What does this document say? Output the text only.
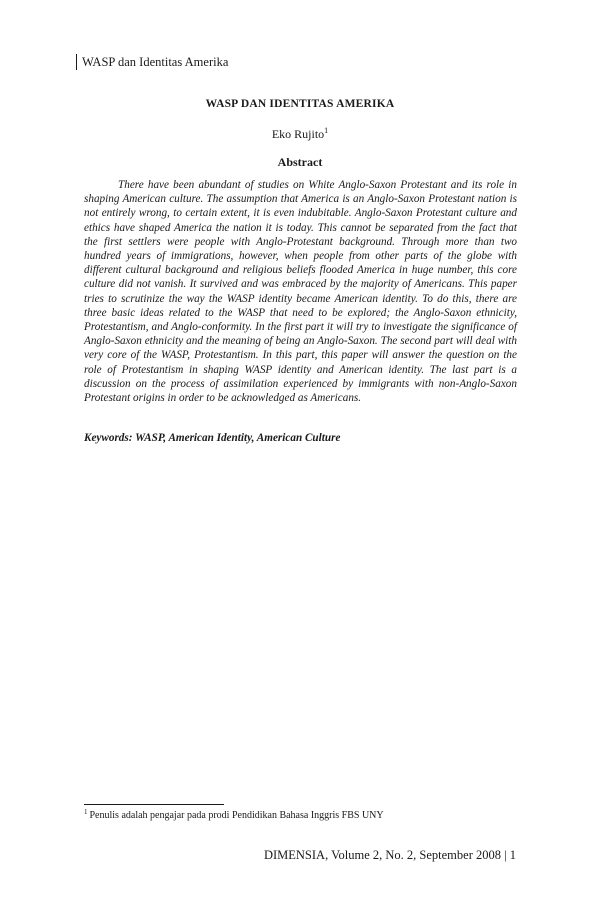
WASP dan Identitas Amerika
WASP DAN IDENTITAS AMERIKA
Eko Rujito$^1$
Abstract

There have been abundant of studies on White Anglo-Saxon Protestant and its role in shaping American culture. The assumption that America is an Anglo-Saxon Protestant nation is not entirely wrong, to certain extent, it is even indubitable. Anglo-Saxon Protestant culture and ethics have shaped America the nation it is today. This cannot be separated from the fact that the first settlers were people with Anglo-Protestant background. Through more than two hundred years of immigrations, however, when people from other parts of the globe with different cultural background and religious beliefs flooded America in huge number, this core culture did not vanish. It survived and was embraced by the majority of Americans. This paper tries to scrutinize the way the WASP identity became American identity. To do this, there are three basic ideas related to the WASP that need to be explored; the Anglo-Saxon ethnicity, Protestantism, and Anglo-conformity. In the first part it will try to investigate the significance of Anglo-Saxon ethnicity and the meaning of being an Anglo-Saxon. The second part will deal with very core of the WASP, Protestantism. In this part, this paper will answer the question on the role of Protestantism in shaping WASP identity and American identity. The last part is a discussion on the process of assimilation experienced by immigrants with non-Anglo-Saxon Protestant origins in order to be acknowledged as Americans.

Keywords: WASP, American Identity, American Culture
$^1$ Penulis adalah pengajar pada prodi Pendidikan Bahasa Inggris FBS UNY
DIMENSIA, Volume 2, No. 2, September 2008 | 1
